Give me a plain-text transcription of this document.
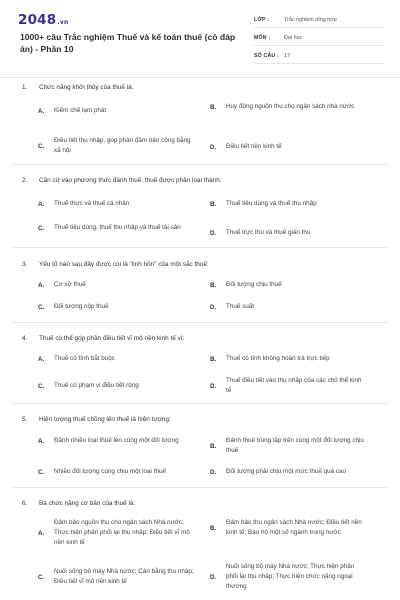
2048.vn
1000+ câu Trắc nghiệm Thuế và kế toán thuế (có đáp án) - Phần 10
LỚP :	Trắc nghiệm tổng hợp
MÔN :	Đại học
SỐ CÂU : 17
1.	Chức năng khởi thủy của thuế là:
A.	Kiềm chế lạm phát	B.	Huy động nguồn thu cho ngân sách nhà nước
C.
Điều tiết thu nhập, góp phần đảm bảo công bằng xã hội	D.	Điều tiết nền kinh tế
2.	Căn cứ vào phương thức đánh thuế, thuế được phân loại thành:
A.	Thuế thực và thuế cá nhân	B.	Thuế tiêu dùng và thuế thu nhập
C.	Thuế tiêu dùng, thuế thu nhập và thuế tài sản
D.	Thuế trực thu và thuế gián thu
3.	Yếu tố nào sau đây được coi là "linh hồn" của một sắc thuế:
A.	Cơ sở thuế	B.	Đối tượng chịu thuế
C.	Đối tượng nộp thuế	D.	Thuế suất
4.	Thuế có thể góp phần điều tiết vĩ mô nền kinh tế vì:
A.	Thuế có tính bắt buộc	B.	Thuế có tính không hoàn trả trực tiếp
C.	Thuế có phạm vi điều tiết rộng	D.
Thuế điều tiết vào thu nhập của các chủ thể kinh tế
5.	Hiện tượng thuế chồng lên thuế là hiện tượng:
A.	Đánh nhiều loại thuế lên cùng một đối tượng
B.
Đánh thuế trùng lặp trên cùng một đối tượng chịu thuế
C.	Nhiều đối tượng cùng chịu một loại thuế	D.	Đối tượng phải chịu một mức thuế quá cao
6.	Ba chức năng cơ bản của thuế là:
A.
Đảm bảo nguồn thu cho ngân sách Nhà nước; Thực hiện phân phối lại thu nhập; Điều tiết vĩ mô nền kinh tế
B.
Đảm bảo thu ngân sách Nhà nước; Điều tiết nền kinh tế; Bảo hộ một số ngành trong nước
C.
Nuôi sống bộ máy Nhà nước; Cân bằng thu nhập; Điều tiết vĩ mô nền kinh tế
D.
Nuôi sống bộ máy Nhà nước; Thực hiện phân phối lại thu nhập; Thực hiện chức năng ngoại thương
